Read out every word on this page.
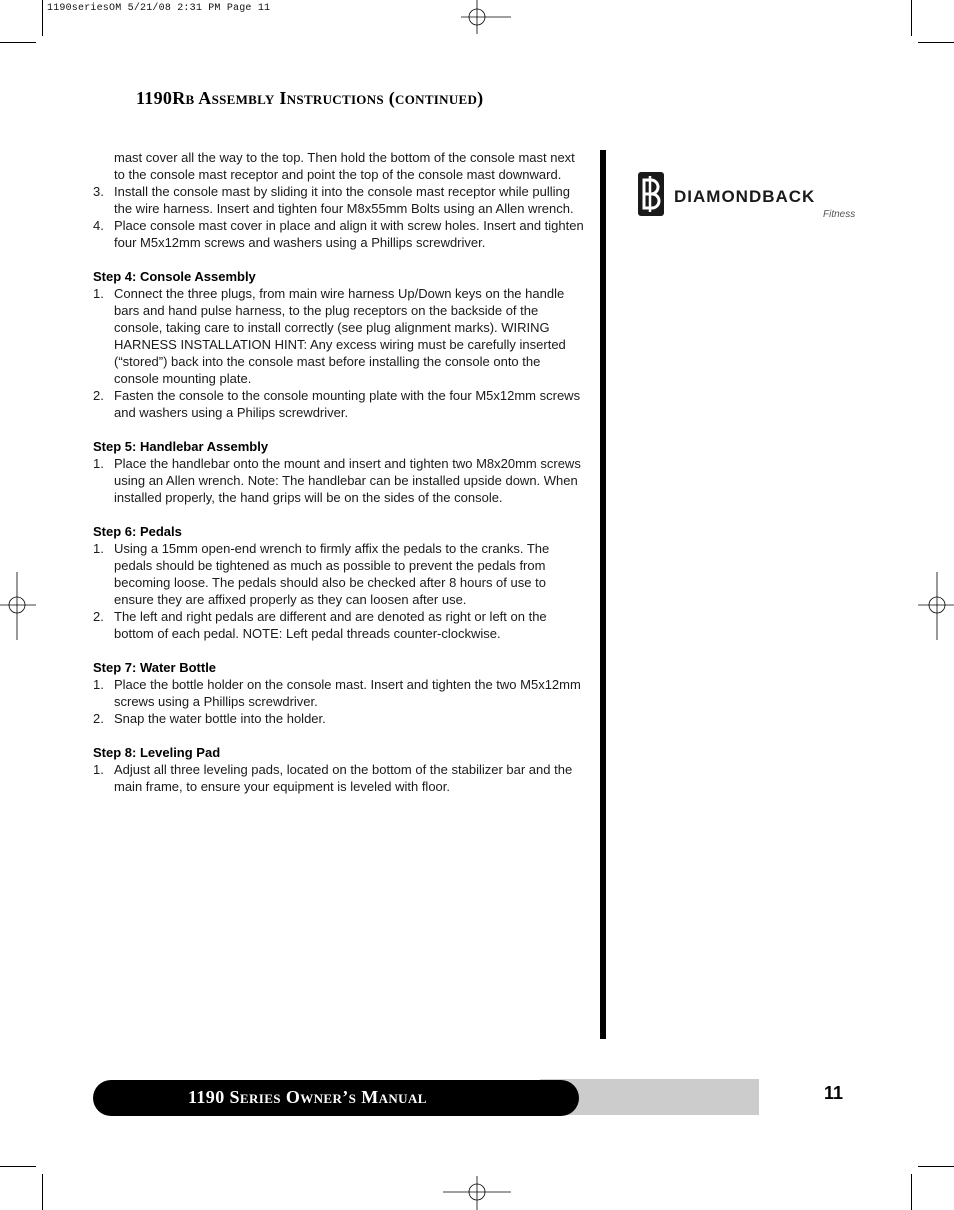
1190seriesOM 5/21/08 2:31 PM Page 11
1190Rb Assembly Instructions (continued)
mast cover all the way to the top. Then hold the bottom of the console mast next to the console mast receptor and point the top of the console mast downward.
3. Install the console mast by sliding it into the console mast receptor while pulling the wire harness. Insert and tighten four M8x55mm Bolts using an Allen wrench.
4. Place console mast cover in place and align it with screw holes. Insert and tighten four M5x12mm screws and washers using a Phillips screwdriver.
Step 4: Console Assembly
1. Connect the three plugs, from main wire harness Up/Down keys on the handle bars and hand pulse harness, to the plug receptors on the backside of the console, taking care to install correctly (see plug alignment marks). WIRING HARNESS INSTALLATION HINT: Any excess wiring must be carefully inserted (“stored”) back into the console mast before installing the console onto the console mounting plate.
2. Fasten the console to the console mounting plate with the four M5x12mm screws and washers using a Philips screwdriver.
Step 5: Handlebar Assembly
1. Place the handlebar onto the mount and insert and tighten two M8x20mm screws using an Allen wrench. Note: The handlebar can be installed upside down. When installed properly, the hand grips will be on the sides of the console.
Step 6: Pedals
1. Using a 15mm open-end wrench to firmly affix the pedals to the cranks. The pedals should be tightened as much as possible to prevent the pedals from becoming loose. The pedals should also be checked after 8 hours of use to ensure they are affixed properly as they can loosen after use.
2. The left and right pedals are different and are denoted as right or left on the bottom of each pedal. NOTE: Left pedal threads counter-clockwise.
Step 7: Water Bottle
1. Place the bottle holder on the console mast. Insert and tighten the two M5x12mm screws using a Phillips screwdriver.
2. Snap the water bottle into the holder.
Step 8: Leveling Pad
1. Adjust all three leveling pads, located on the bottom of the stabilizer bar and the main frame, to ensure your equipment is leveled with floor.
DIAMONDBACK
Fitness
1190 Series Owner’s Manual	11
